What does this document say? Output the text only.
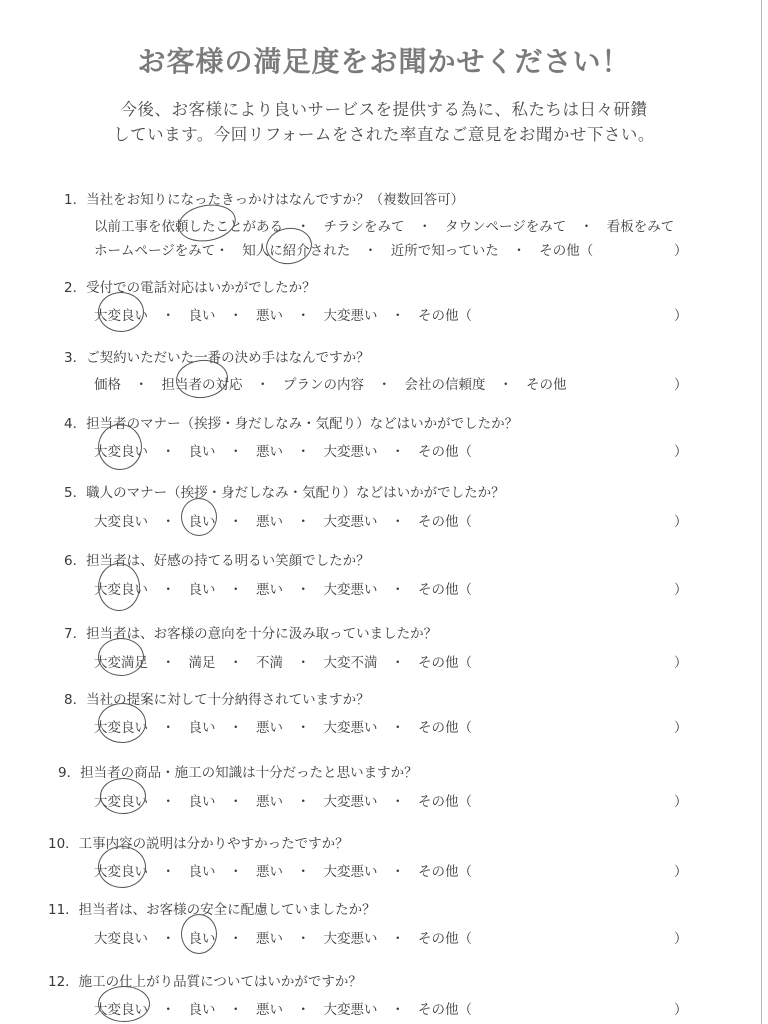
お客様の満足度をお聞かせください！
今後、お客様により良いサービスを提供する為に、私たちは日々研鑽
しています。今回リフォームをされた率直なご意見をお聞かせ下さい。
1．当社をお知りになったきっかけはなんですか？（複数回答可）
以前工事を依頼したことがある　・　チラシをみて　・　タウンページをみて　・　看板をみて
ホームページをみて・　知人に紹介された　・　近所で知っていた　・　その他（	）
2．受付での電話対応はいかがでしたか？
大変良い　・　良い　・　悪い　・　大変悪い　・　その他（	）
3．ご契約いただいた一番の決め手はなんですか？
価格　・　担当者の対応　・　プランの内容　・　会社の信頼度　・　その他	）
4．担当者のマナー（挨拶・身だしなみ・気配り）などはいかがでしたか？
大変良い　・　良い　・　悪い　・　大変悪い　・　その他（	）
5．職人のマナー（挨拶・身だしなみ・気配り）などはいかがでしたか？
大変良い　・　良い　・　悪い　・　大変悪い　・　その他（	）
6．担当者は、好感の持てる明るい笑顔でしたか？
大変良い　・　良い　・　悪い　・　大変悪い　・　その他（	）
7．担当者は、お客様の意向を十分に汲み取っていましたか？
大変満足　・　満足　・　不満　・　大変不満　・　その他（	）
8．当社の提案に対して十分納得されていますか？
大変良い　・　良い　・　悪い　・　大変悪い　・　その他（	）
9．担当者の商品・施工の知識は十分だったと思いますか？
大変良い　・　良い　・　悪い　・　大変悪い　・　その他（	）
10．工事内容の説明は分かりやすかったですか？
大変良い　・　良い　・　悪い　・　大変悪い　・　その他（	）
11．担当者は、お客様の安全に配慮していましたか？
大変良い　・　良い　・　悪い　・　大変悪い　・　その他（	）
12．施工の仕上がり品質についてはいかがですか？
大変良い　・　良い　・　悪い　・　大変悪い　・　その他（	）
